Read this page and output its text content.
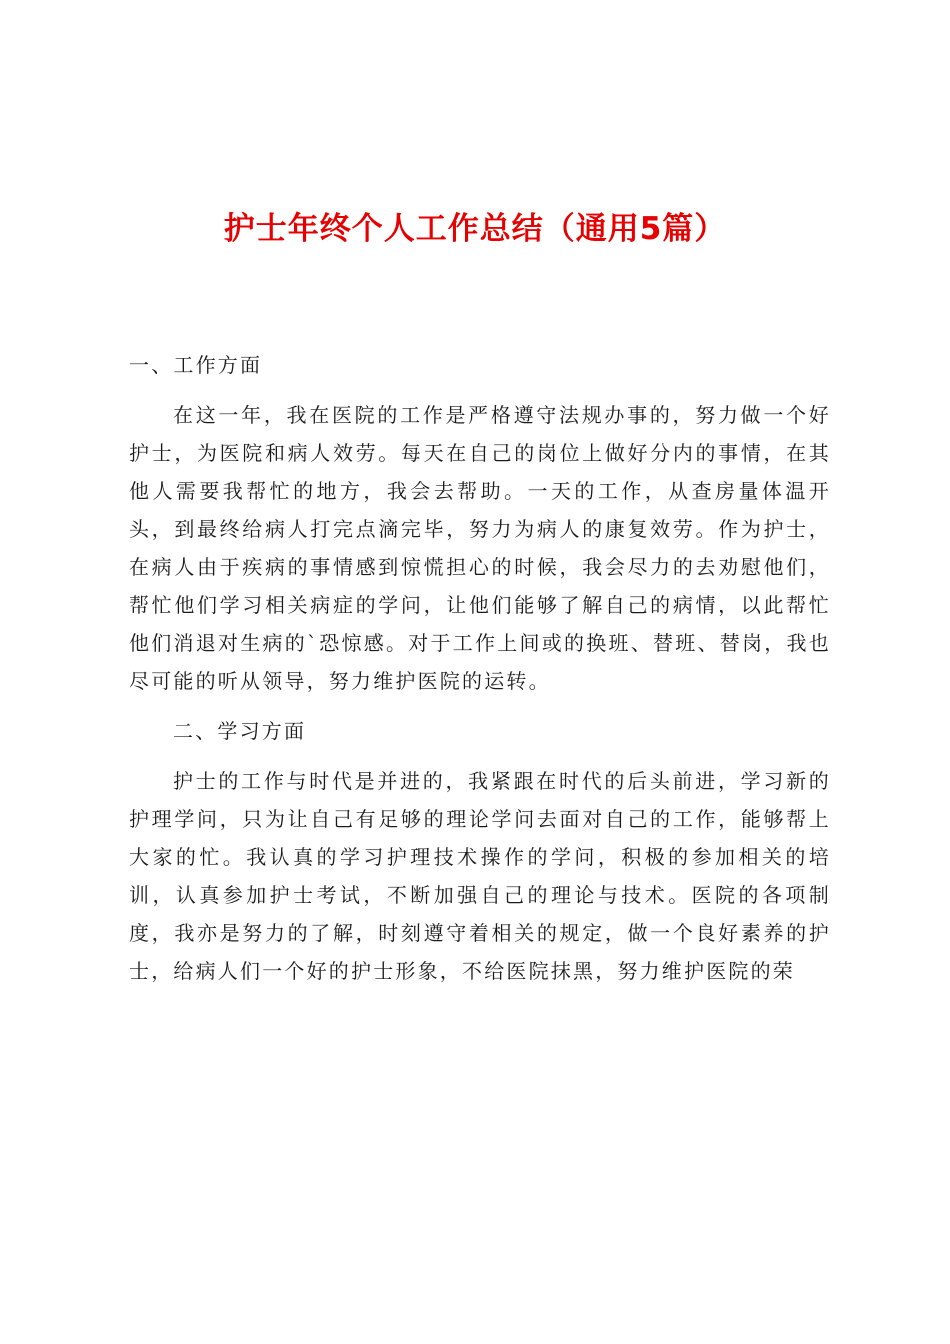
护士年终个人工作总结（通用5篇）

一、工作方面

在这一年，我在医院的工作是严格遵守法规办事的，努力做一个好护士，为医院和病人效劳。每天在自己的岗位上做好分内的事情，在其他人需要我帮忙的地方，我会去帮助。一天的工作，从查房量体温开头，到最终给病人打完点滴完毕，努力为病人的康复效劳。作为护士，在病人由于疾病的事情感到惊慌担心的时候，我会尽力的去劝慰他们，帮忙他们学习相关病症的学问，让他们能够了解自己的病情，以此帮忙他们消退对生病的`恐惊感。对于工作上间或的换班、替班、替岗，我也尽可能的听从领导，努力维护医院的运转。

二、学习方面

护士的工作与时代是并进的，我紧跟在时代的后头前进，学习新的护理学问，只为让自己有足够的理论学问去面对自己的工作，能够帮上大家的忙。我认真的学习护理技术操作的学问，积极的参加相关的培训，认真参加护士考试，不断加强自己的理论与技术。医院的各项制度，我亦是努力的了解，时刻遵守着相关的规定，做一个良好素养的护士，给病人们一个好的护士形象，不给医院抹黑，努力维护医院的荣
